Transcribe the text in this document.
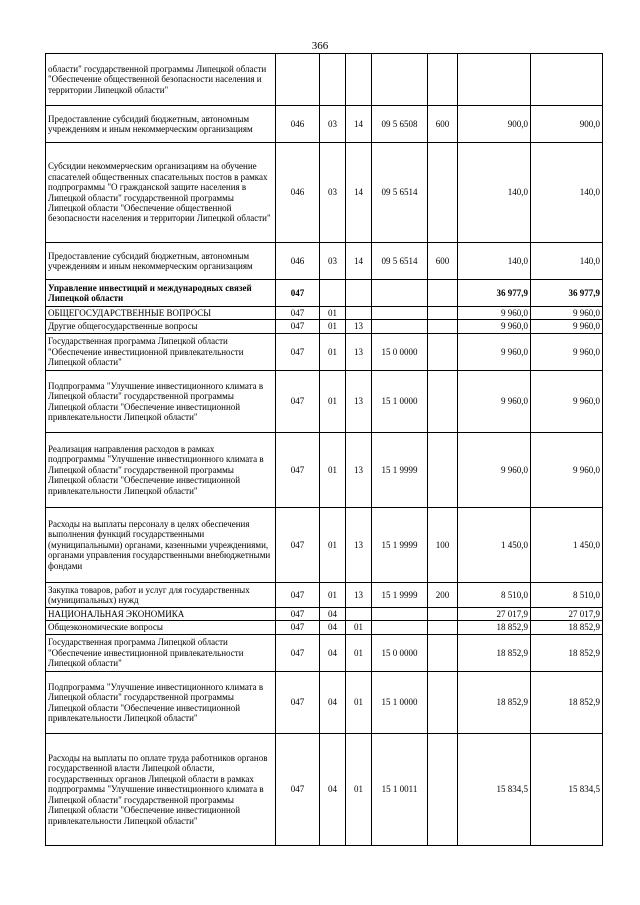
366
области" государственной программы Липецкой области "Обеспечение общественной безопасности населения и территории Липецкой области"							
Предоставление субсидий бюджетным, автономным учреждениям и иным некоммерческим организациям	046	03	14	09 5 6508	600	900,0	900,0
Субсидии некоммерческим организациям на обучение спасателей общественных спасательных постов в рамках подпрограммы "О гражданской защите населения в Липецкой области" государственной программы Липецкой области "Обеспечение общественной безопасности населения и территории Липецкой области"	046	03	14	09 5 6514		140,0	140,0
Предоставление субсидий бюджетным, автономным учреждениям и иным некоммерческим организациям	046	03	14	09 5 6514	600	140,0	140,0
Управление инвестиций и международных связей Липецкой области	047					36 977,9	36 977,9
ОБЩЕГОСУДАРСТВЕННЫЕ ВОПРОСЫ	047	01				9 960,0	9 960,0
Другие общегосударственные вопросы	047	01	13			9 960,0	9 960,0
Государственная программа Липецкой области "Обеспечение инвестиционной привлекательности Липецкой области"	047	01	13	15 0 0000		9 960,0	9 960,0
Подпрограмма "Улучшение инвестиционного климата в Липецкой области" государственной программы Липецкой области "Обеспечение инвестиционной привлекательности Липецкой области"	047	01	13	15 1 0000		9 960,0	9 960,0
Реализация направления расходов в рамках подпрограммы "Улучшение инвестиционного климата в Липецкой области" государственной программы Липецкой области "Обеспечение инвестиционной привлекательности Липецкой области"	047	01	13	15 1 9999		9 960,0	9 960,0
Расходы на выплаты персоналу в целях обеспечения выполнения функций государственными (муниципальными) органами, казенными учреждениями, органами управления государственными внебюджетными фондами	047	01	13	15 1 9999	100	1 450,0	1 450,0
Закупка товаров, работ и услуг для государственных (муниципальных) нужд	047	01	13	15 1 9999	200	8 510,0	8 510,0
НАЦИОНАЛЬНАЯ ЭКОНОМИКА	047	04				27 017,9	27 017,9
Общеэкономические вопросы	047	04	01			18 852,9	18 852,9
Государственная программа Липецкой области "Обеспечение инвестиционной привлекательности Липецкой области"	047	04	01	15 0 0000		18 852,9	18 852,9
Подпрограмма "Улучшение инвестиционного климата в Липецкой области" государственной программы Липецкой области "Обеспечение инвестиционной привлекательности Липецкой области"	047	04	01	15 1 0000		18 852,9	18 852,9
Расходы на выплаты по оплате труда работников органов государственной власти Липецкой области, государственных органов Липецкой области в рамках подпрограммы "Улучшение инвестиционного климата в Липецкой области" государственной программы Липецкой области "Обеспечение инвестиционной привлекательности Липецкой области"	047	04	01	15 1 0011		15 834,5	15 834,5
